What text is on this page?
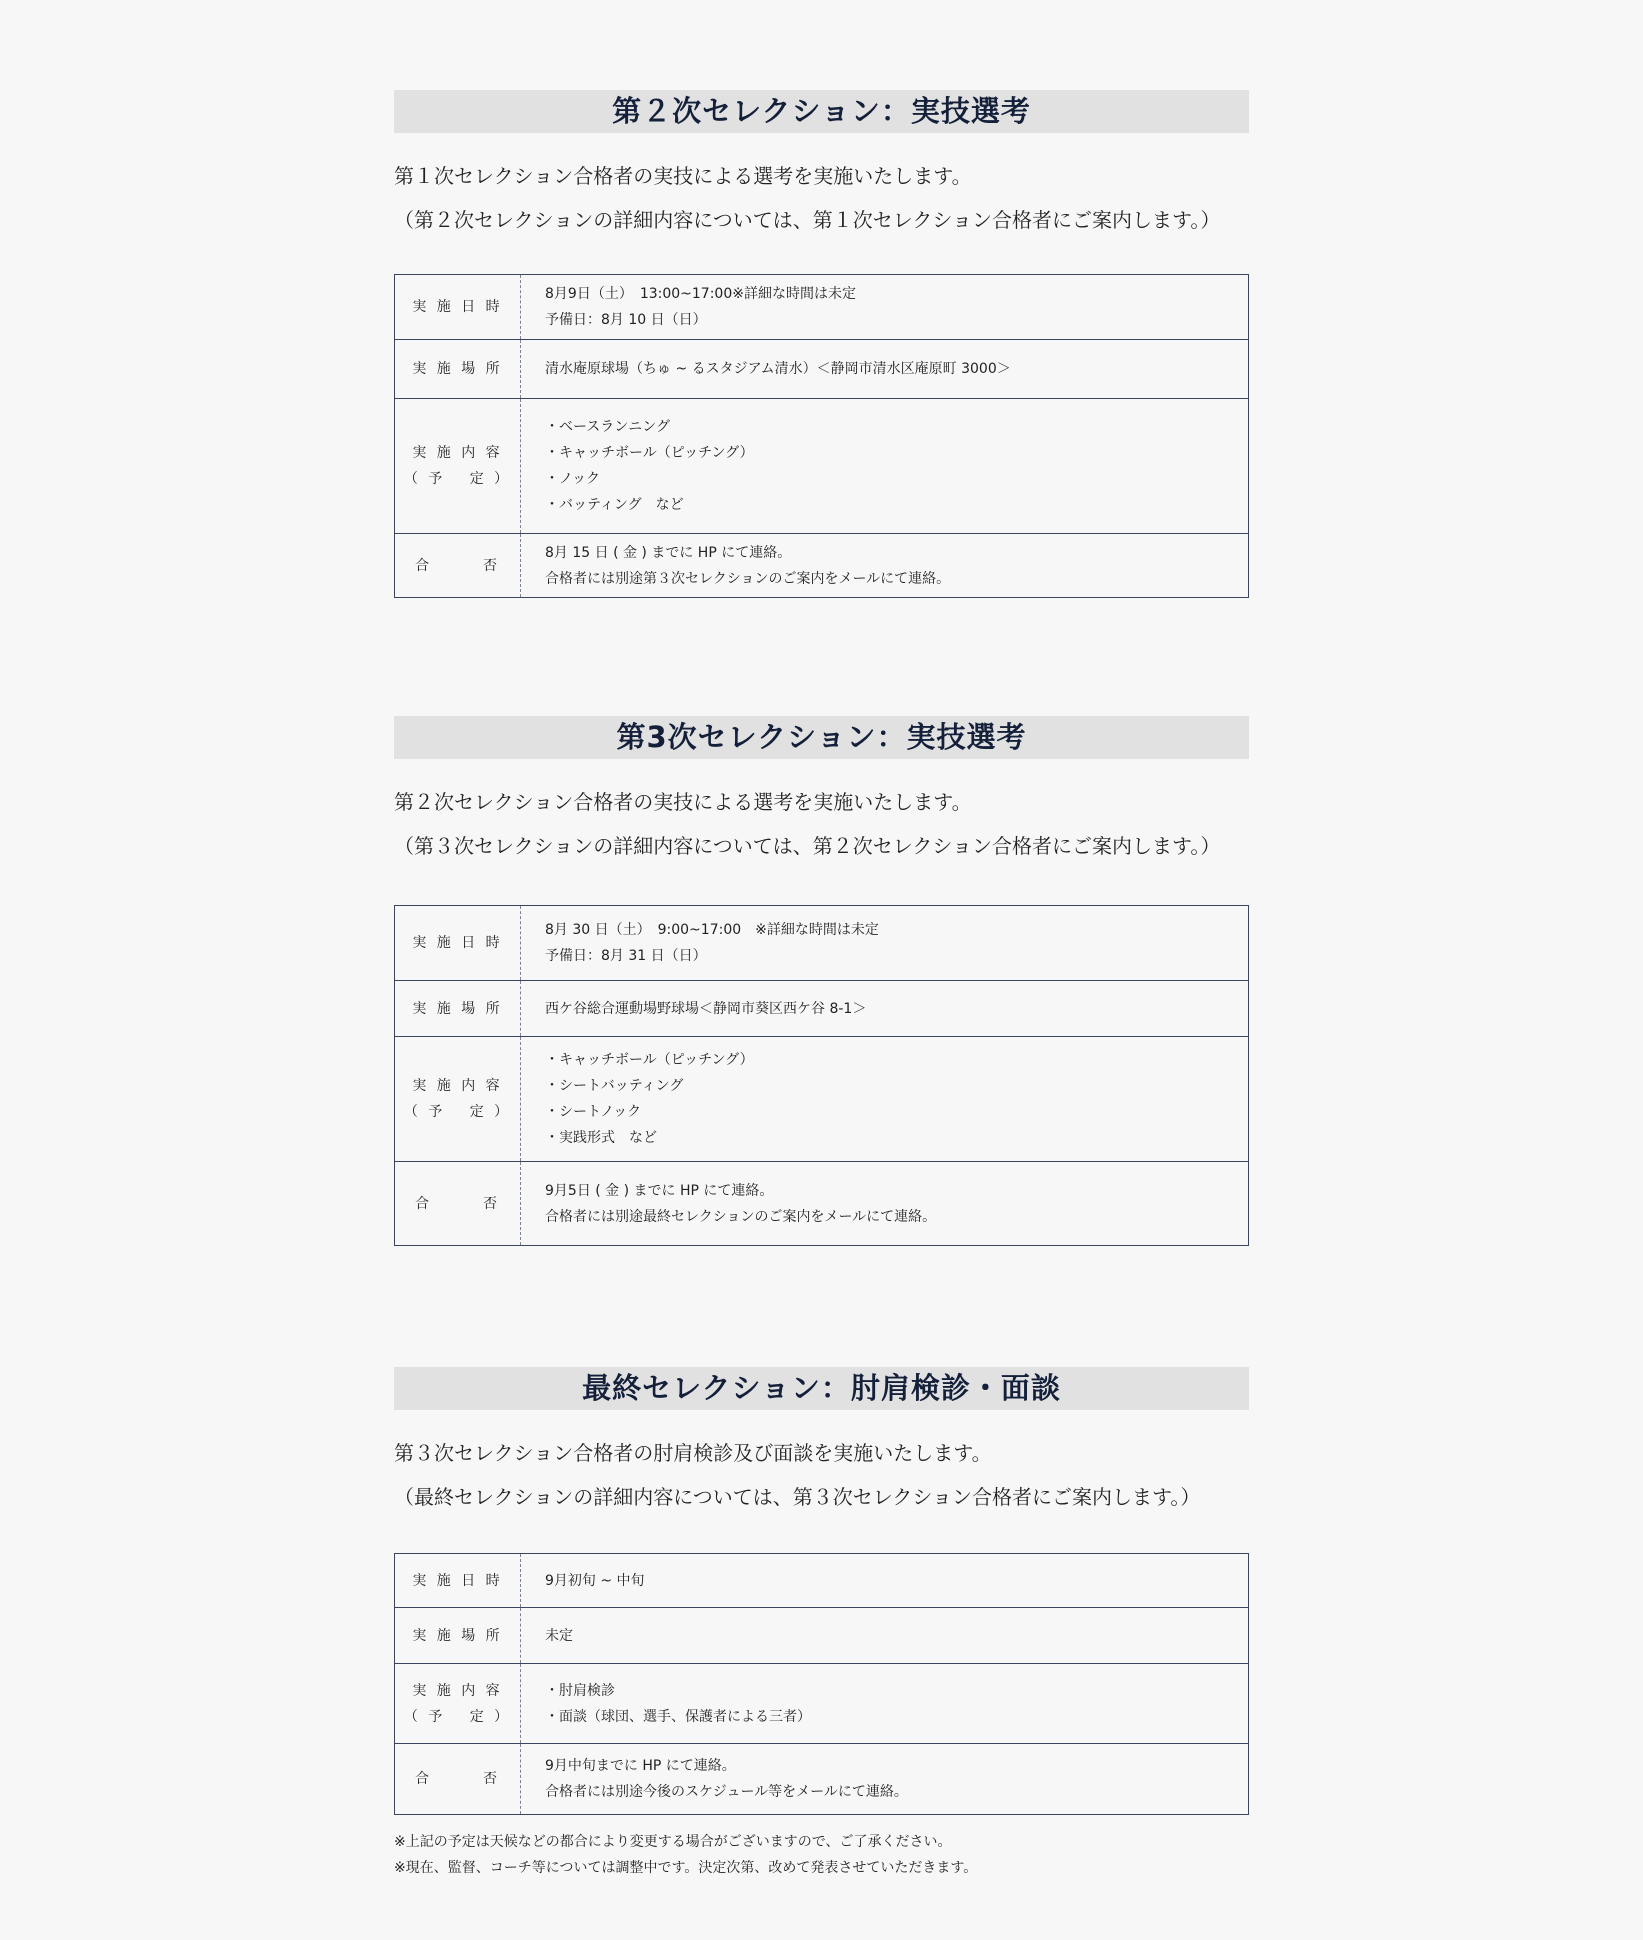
第２次セレクション：実技選考

第１次セレクション合格者の実技による選考を実施いたします。

（第２次セレクションの詳細内容については、第１次セレクション合格者にご案内します。）

実 施 日 時	8月9日（土）　13:00~17:00※詳細な時間は未定
予備日：8月 10 日（日）

実 施 場 所	清水庵原球場（ちゅ ~ るスタジアム清水）＜静岡市清水区庵原町 3000＞

実 施 内 容
（ 予　 定 ）	・ベースランニング
・キャッチボール（ピッチング）
・ノック
・バッティング　など

合　　　否	8月 15 日 ( 金 ) までに HP にて連絡。
合格者には別途第３次セレクションのご案内をメールにて連絡。
第3次セレクション：実技選考

第２次セレクション合格者の実技による選考を実施いたします。

（第３次セレクションの詳細内容については、第２次セレクション合格者にご案内します。）

実 施 日 時	8月 30 日（土）　9:00~17:00　※詳細な時間は未定
予備日：8月 31 日（日）

実 施 場 所	西ケ谷総合運動場野球場＜静岡市葵区西ケ谷 8-1＞

実 施 内 容
（ 予　 定 ）	・キャッチボール（ピッチング）
・シートバッティング
・シートノック
・実践形式　など

合　　　否	9月5日 ( 金 ) までに HP にて連絡。
合格者には別途最終セレクションのご案内をメールにて連絡。
最終セレクション：肘肩検診・面談

第３次セレクション合格者の肘肩検診及び面談を実施いたします。

（最終セレクションの詳細内容については、第３次セレクション合格者にご案内します。）

実 施 日 時	9月初旬 ~ 中旬

実 施 場 所	未定

実 施 内 容
（ 予　 定 ）	・肘肩検診
・面談（球団、選手、保護者による三者）

合　　　否	9月中旬までに HP にて連絡。
合格者には別途今後のスケジュール等をメールにて連絡。
※上記の予定は天候などの都合により変更する場合がございますので、ご了承ください。
※現在、監督、コーチ等については調整中です。決定次第、改めて発表させていただきます。
